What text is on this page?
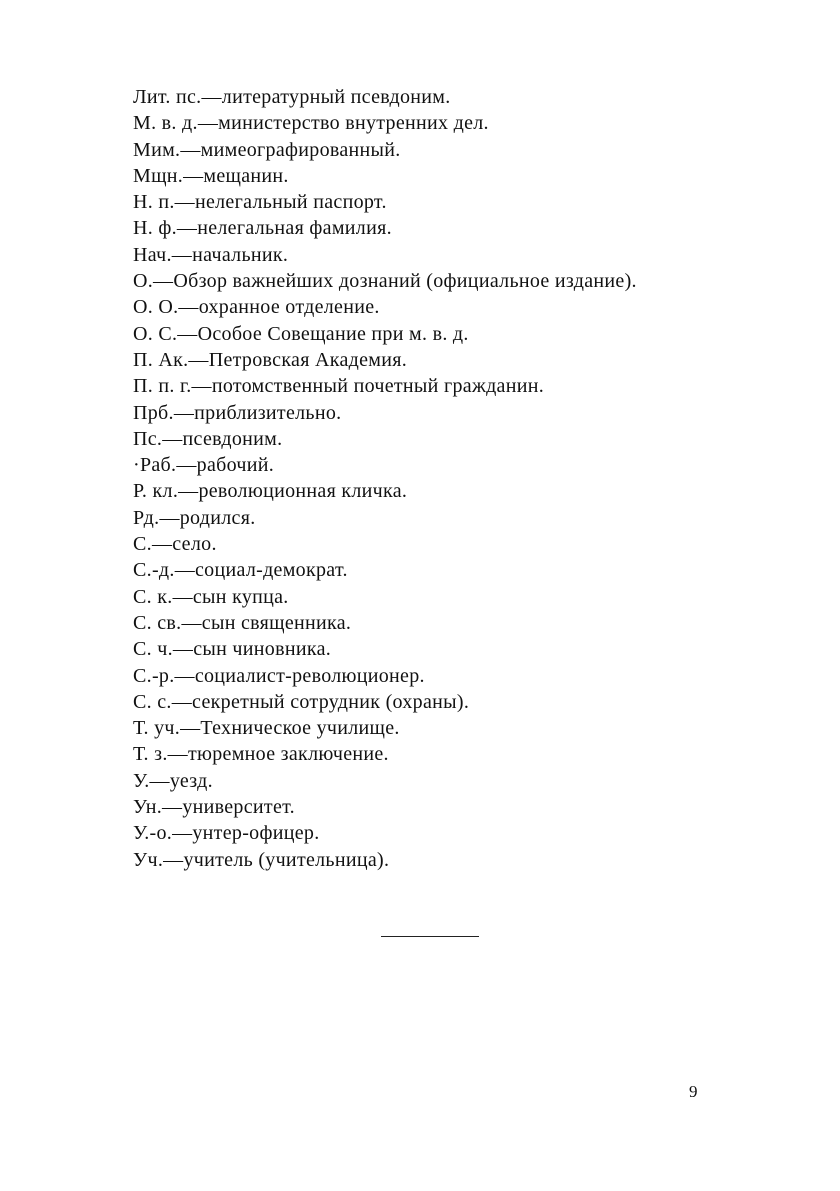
Лит. пс.—литературный псевдоним.
М. в. д.—министерство внутренних дел.
Мим.—мимеографированный.
Мщн.—мещанин.
Н. п.—нелегальный паспорт.
Н. ф.—нелегальная фамилия.
Нач.—начальник.
О.—Обзор важнейших дознаний (официальное издание).
О. О.—охранное отделение.
О. С.—Особое Совещание при м. в. д.
П. Ак.—Петровская Академия.
П. п. г.—потомственный почетный гражданин.
Прб.—приблизительно.
Пс.—псевдоним.
·Раб.—рабочий.
Р. кл.—революционная кличка.
Рд.—родился.
С.—село.
С.-д.—социал-демократ.
С. к.—сын купца.
С. св.—сын священника.
С. ч.—сын чиновника.
С.-р.—социалист-революционер.
С. с.—секретный сотрудник (охраны).
Т. уч.—Техническое училище.
Т. з.—тюремное заключение.
У.—уезд.
Ун.—университет.
У.-о.—унтер-офицер.
Уч.—учитель (учительница).
9
